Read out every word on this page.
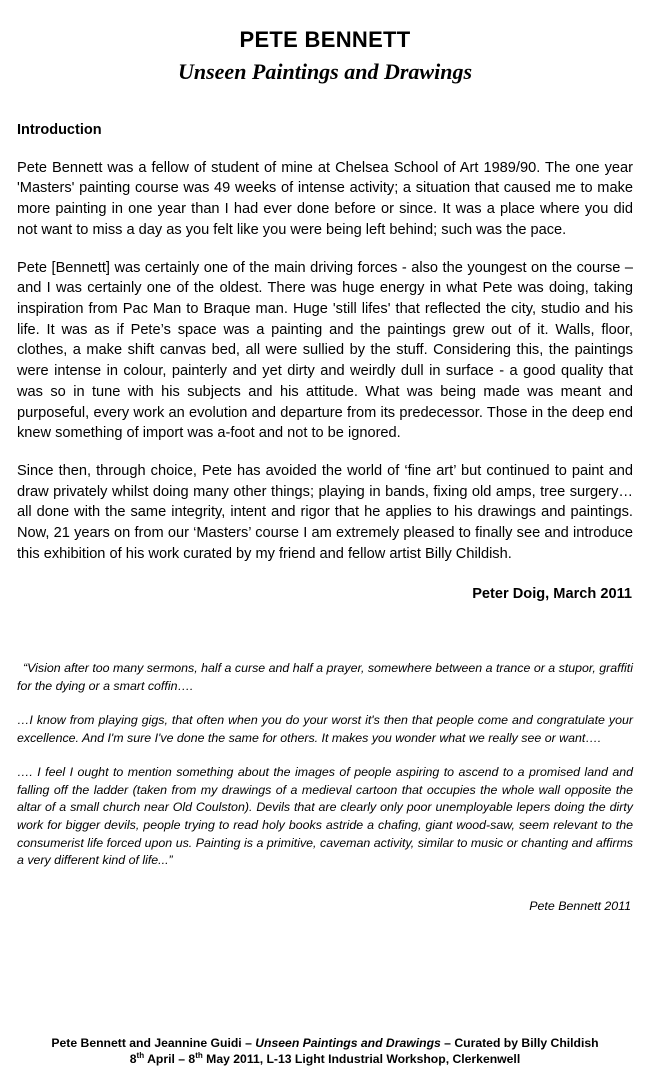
PETE BENNETT
Unseen Paintings and Drawings
Introduction

Pete Bennett was a fellow of student of mine at Chelsea School of Art 1989/90. The one year 'Masters' painting course was 49 weeks of intense activity; a situation that caused me to make more painting in one year than I had ever done before or since. It was a place where you did not want to miss a day as you felt like you were being left behind; such was the pace.

Pete [Bennett] was certainly one of the main driving forces - also the youngest on the course – and I was certainly one of the oldest. There was huge energy in what Pete was doing, taking inspiration from Pac Man to Braque man. Huge 'still lifes' that reflected the city, studio and his life. It was as if Pete’s space was a painting and the paintings grew out of it. Walls, floor, clothes, a make shift canvas bed, all were sullied by the stuff. Considering this, the paintings were intense in colour, painterly and yet dirty and weirdly dull in surface - a good quality that was so in tune with his subjects and his attitude. What was being made was meant and purposeful, every work an evolution and departure from its predecessor. Those in the deep end knew something of import was a-foot and not to be ignored.

Since then, through choice, Pete has avoided the world of ‘fine art’ but continued to paint and draw privately whilst doing many other things; playing in bands, fixing old amps, tree surgery… all done with the same integrity, intent and rigor that he applies to his drawings and paintings. Now, 21 years on from our ‘Masters’ course I am extremely pleased to finally see and introduce this exhibition of his work curated by my friend and fellow artist Billy Childish.

Peter Doig, March 2011

“Vision after too many sermons, half a curse and half a prayer, somewhere between a trance or a stupor, graffiti for the dying or a smart coffin….

…I know from playing gigs, that often when you do your worst it's then that people come and congratulate your excellence. And I'm sure I've done the same for others. It makes you wonder what we really see or want….

…. I feel I ought to mention something about the images of people aspiring to ascend to a promised land and falling off the ladder (taken from my drawings of a medieval cartoon that occupies the whole wall opposite the altar of a small church near Old Coulston). Devils that are clearly only poor unemployable lepers doing the dirty work for bigger devils, people trying to read holy books astride a chafing, giant wood-saw, seem relevant to the consumerist life forced upon us. Painting is a primitive, caveman activity, similar to music or chanting and affirms a very different kind of life...”

Pete Bennett 2011

Pete Bennett and Jeannine Guidi – Unseen Paintings and Drawings – Curated by Billy Childish
8th April – 8th May 2011, L-13 Light Industrial Workshop, Clerkenwell
